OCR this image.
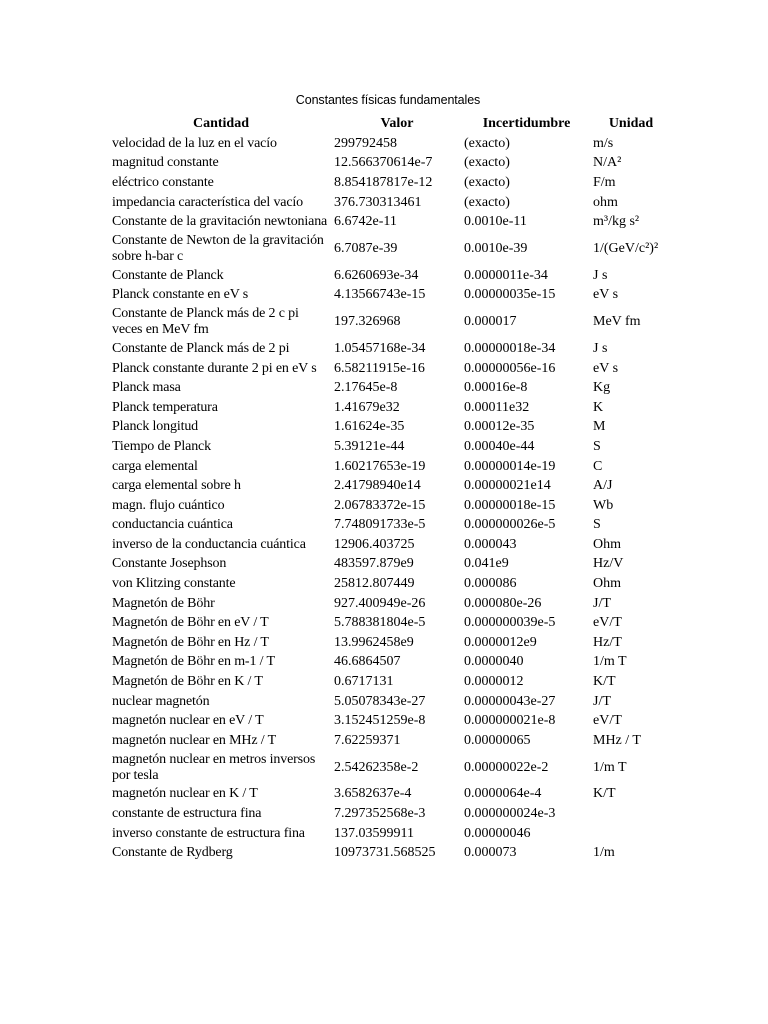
Constantes físicas fundamentales
Cantidad	Valor	Incertidumbre	Unidad
velocidad de la luz en el vacío	299792458	(exacto)	m/s
magnitud constante	12.566370614e-7	(exacto)	N/A²
eléctrico constante	8.854187817e-12	(exacto)	F/m
impedancia característica del vacío	376.730313461	(exacto)	ohm
Constante de la gravitación newtoniana	6.6742e-11	0.0010e-11	m³/kg s²
Constante de Newton de la gravitación sobre h-bar c	6.7087e-39	0.0010e-39	1/(GeV/c²)²
Constante de Planck	6.6260693e-34	0.0000011e-34	J s
Planck constante en eV s	4.13566743e-15	0.00000035e-15	eV s
Constante de Planck más de 2 c pi veces en MeV fm	197.326968	0.000017	MeV fm
Constante de Planck más de 2 pi	1.05457168e-34	0.00000018e-34	J s
Planck constante durante 2 pi en eV s	6.58211915e-16	0.00000056e-16	eV s
Planck masa	2.17645e-8	0.00016e-8	Kg
Planck temperatura	1.41679e32	0.00011e32	K
Planck longitud	1.61624e-35	0.00012e-35	M
Tiempo de Planck	5.39121e-44	0.00040e-44	S
carga elemental	1.60217653e-19	0.00000014e-19	C
carga elemental sobre h	2.41798940e14	0.00000021e14	A/J
magn. flujo cuántico	2.06783372e-15	0.00000018e-15	Wb
conductancia cuántica	7.748091733e-5	0.000000026e-5	S
inverso de la conductancia cuántica	12906.403725	0.000043	Ohm
Constante Josephson	483597.879e9	0.041e9	Hz/V
von Klitzing constante	25812.807449	0.000086	Ohm
Magnetón de Böhr	927.400949e-26	0.000080e-26	J/T
Magnetón de Böhr en eV / T	5.788381804e-5	0.000000039e-5	eV/T
Magnetón de Böhr en Hz / T	13.9962458e9	0.0000012e9	Hz/T
Magnetón de Böhr en m-1 / T	46.6864507	0.0000040	1/m T
Magnetón de Böhr en K / T	0.6717131	0.0000012	K/T
nuclear magnetón	5.05078343e-27	0.00000043e-27	J/T
magnetón nuclear en eV / T	3.152451259e-8	0.000000021e-8	eV/T
magnetón nuclear en MHz / T	7.62259371	0.00000065	MHz / T
magnetón nuclear en metros inversos por tesla	2.54262358e-2	0.00000022e-2	1/m T
magnetón nuclear en K / T	3.6582637e-4	0.0000064e-4	K/T
constante de estructura fina	7.297352568e-3	0.000000024e-3	
inverso constante de estructura fina	137.03599911	0.00000046	
Constante de Rydberg	10973731.568525	0.000073	1/m
